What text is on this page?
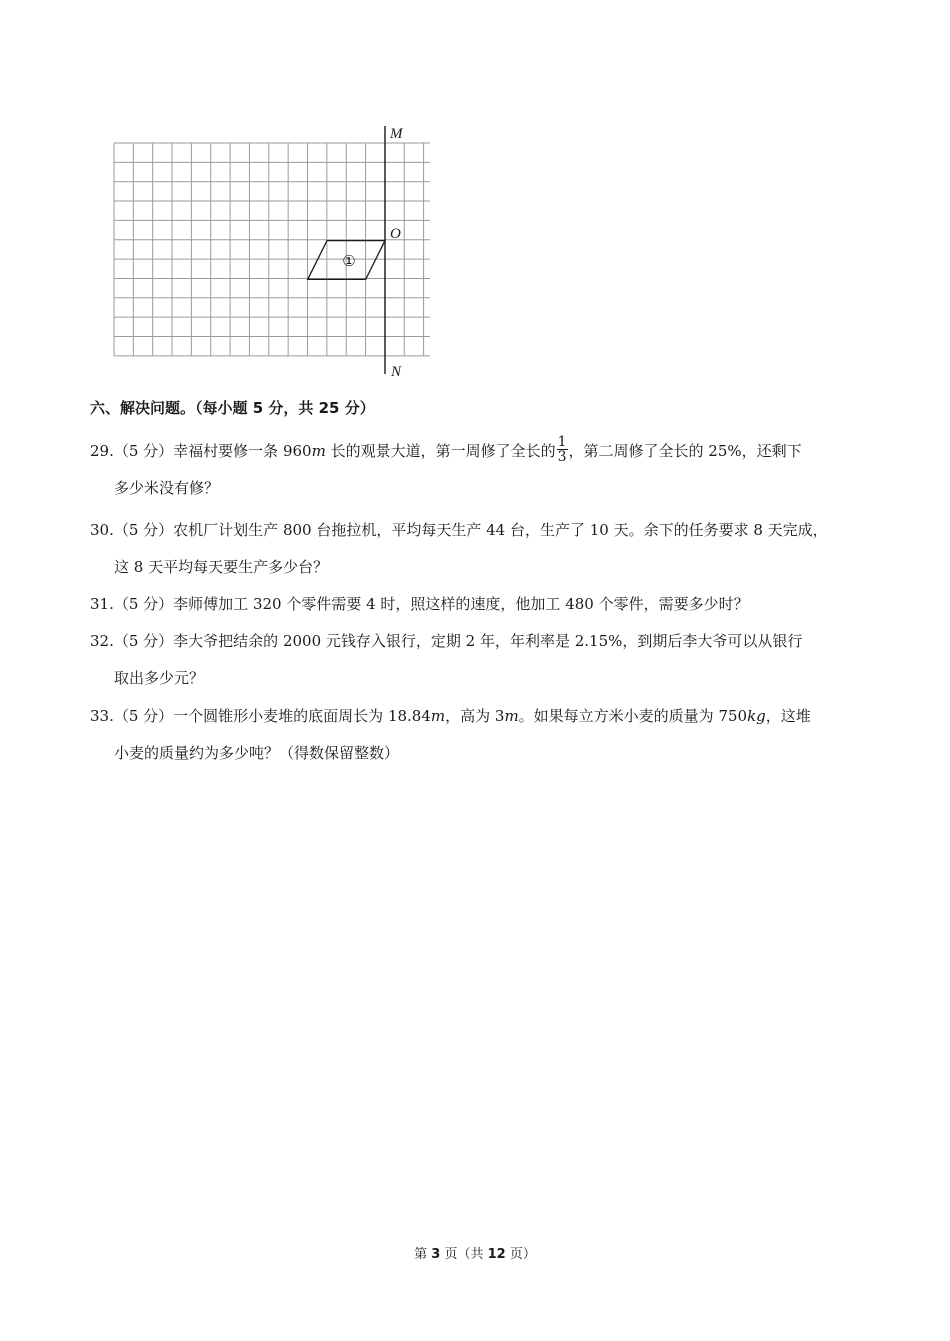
M
O
N
①
六、解决问题。（每小题 5 分，共 25 分）
29.（5 分）幸福村要修一条 960m 长的观景大道，第一周修了全长的 $\frac{1}{3}$ ，第二周修了全长的 25%，还剩下
多少米没有修？
30.（5 分）农机厂计划生产 800 台拖拉机，平均每天生产 44 台，生产了 10 天。余下的任务要求 8 天完成，
这 8 天平均每天要生产多少台？
31.（5 分）李师傅加工 320 个零件需要 4 时，照这样的速度，他加工 480 个零件，需要多少时？
32.（5 分）李大爷把结余的 2000 元钱存入银行，定期 2 年，年利率是 2.15%，到期后李大爷可以从银行
取出多少元？
33.（5 分）一个圆锥形小麦堆的底面周长为 18.84m，高为 3m。如果每立方米小麦的质量为 750kg，这堆
小麦的质量约为多少吨？（得数保留整数）
第 3 页（共 12 页）
